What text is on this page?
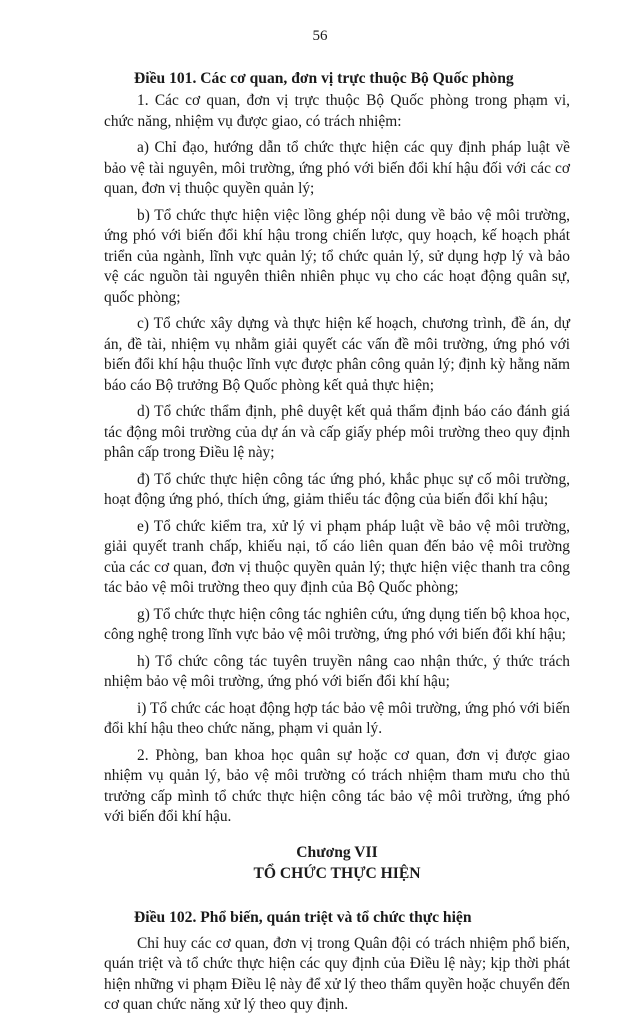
56
Điều 101. Các cơ quan, đơn vị trực thuộc Bộ Quốc phòng

1. Các cơ quan, đơn vị trực thuộc Bộ Quốc phòng trong phạm vi, chức năng, nhiệm vụ được giao, có trách nhiệm:

a) Chỉ đạo, hướng dẫn tổ chức thực hiện các quy định pháp luật về bảo vệ tài nguyên, môi trường, ứng phó với biến đổi khí hậu đối với các cơ quan, đơn vị thuộc quyền quản lý;

b) Tổ chức thực hiện việc lồng ghép nội dung về bảo vệ môi trường, ứng phó với biến đổi khí hậu trong chiến lược, quy hoạch, kế hoạch phát triển của ngành, lĩnh vực quản lý; tổ chức quản lý, sử dụng hợp lý và bảo vệ các nguồn tài nguyên thiên nhiên phục vụ cho các hoạt động quân sự, quốc phòng;

c) Tổ chức xây dựng và thực hiện kế hoạch, chương trình, đề án, dự án, đề tài, nhiệm vụ nhằm giải quyết các vấn đề môi trường, ứng phó với biến đổi khí hậu thuộc lĩnh vực được phân công quản lý; định kỳ hằng năm báo cáo Bộ trưởng Bộ Quốc phòng kết quả thực hiện;

d) Tổ chức thẩm định, phê duyệt kết quả thẩm định báo cáo đánh giá tác động môi trường của dự án và cấp giấy phép môi trường theo quy định phân cấp trong Điều lệ này;

đ) Tổ chức thực hiện công tác ứng phó, khắc phục sự cố môi trường, hoạt động ứng phó, thích ứng, giảm thiểu tác động của biến đổi khí hậu;

e) Tổ chức kiểm tra, xử lý vi phạm pháp luật về bảo vệ môi trường, giải quyết tranh chấp, khiếu nại, tố cáo liên quan đến bảo vệ môi trường của các cơ quan, đơn vị thuộc quyền quản lý; thực hiện việc thanh tra công tác bảo vệ môi trường theo quy định của Bộ Quốc phòng;

g) Tổ chức thực hiện công tác nghiên cứu, ứng dụng tiến bộ khoa học, công nghệ trong lĩnh vực bảo vệ môi trường, ứng phó với biến đổi khí hậu;

h) Tổ chức công tác tuyên truyền nâng cao nhận thức, ý thức trách nhiệm bảo vệ môi trường, ứng phó với biến đổi khí hậu;

i) Tổ chức các hoạt động hợp tác bảo vệ môi trường, ứng phó với biến đổi khí hậu theo chức năng, phạm vi quản lý.

2. Phòng, ban khoa học quân sự hoặc cơ quan, đơn vị được giao nhiệm vụ quản lý, bảo vệ môi trường có trách nhiệm tham mưu cho thủ trưởng cấp mình tổ chức thực hiện công tác bảo vệ môi trường, ứng phó với biến đổi khí hậu.

Chương VII
TỔ CHỨC THỰC HIỆN
Điều 102. Phổ biến, quán triệt và tổ chức thực hiện

Chỉ huy các cơ quan, đơn vị trong Quân đội có trách nhiệm phổ biến, quán triệt và tổ chức thực hiện các quy định của Điều lệ này; kịp thời phát hiện những vi phạm Điều lệ này để xử lý theo thẩm quyền hoặc chuyển đến cơ quan chức năng xử lý theo quy định.
